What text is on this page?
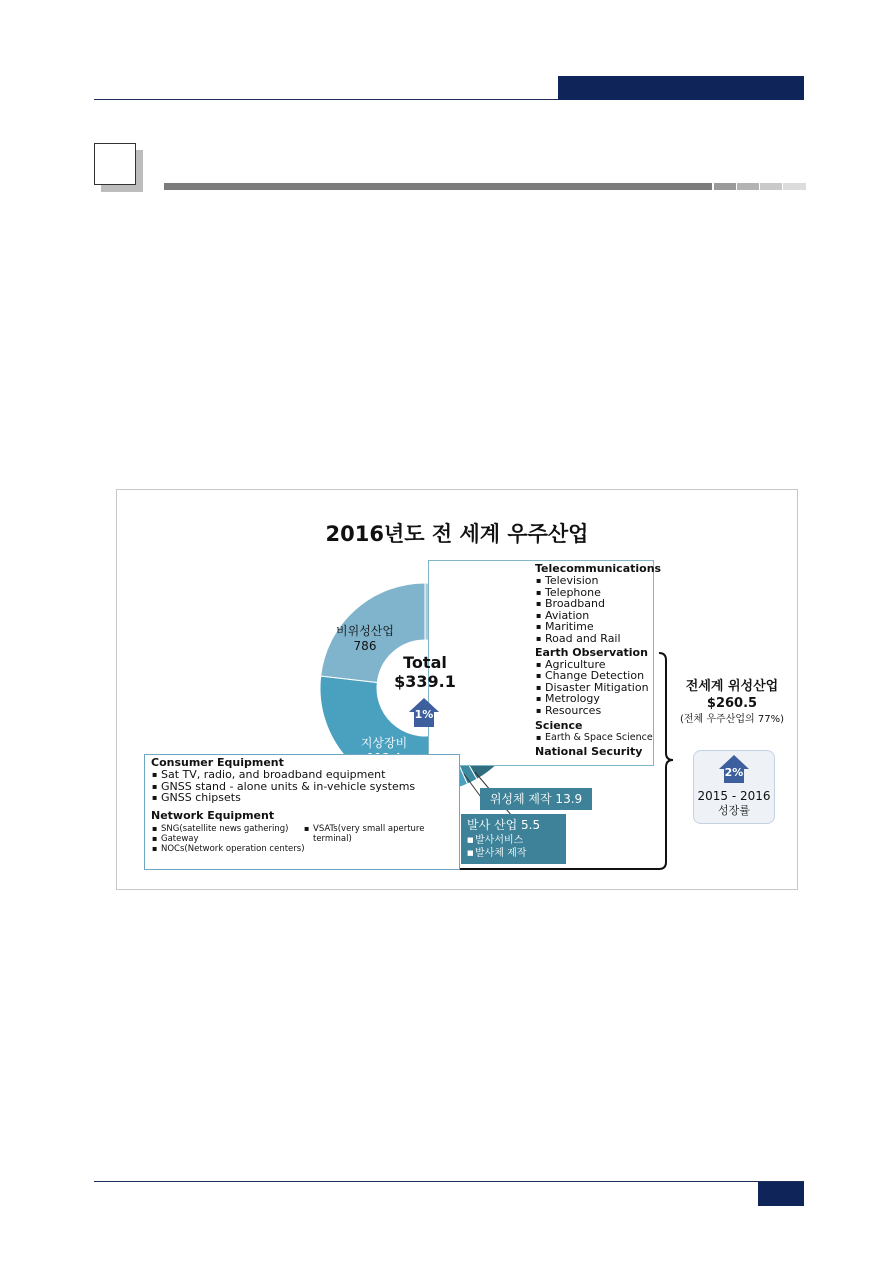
2016년도 전 세계 우주산업
Telecommunications
▪ Television
▪ Telephone
▪ Broadband
▪ Aviation
▪ Maritime
▪ Road and Rail
Earth Observation
▪ Agriculture
▪ Change Detection
▪ Disaster Mitigation
▪ Metrology
▪ Resources
Science
▪ Earth & Space Science
National Security
비위성산업
786
위성서비스
127.7
지상장비
Total
$339.1
1%
위성체 제작 13.9
발사 산업 5.5
■ 발사서비스
■ 발사체 제작
Consumer Equipment
▪ Sat TV, radio, and broadband equipment
▪ GNSS stand - alone units & in-vehicle systems
▪ GNSS chipsets
Network Equipment
▪ SNG(satellite news gathering)
▪ Gateway
▪ NOCs(Network operation centers)
▪ VSATs(very small aperture terminal)
전세계 위성산업
$260.5
(전체 우주산업의 77%)
2%
2015 - 2016
성장률
